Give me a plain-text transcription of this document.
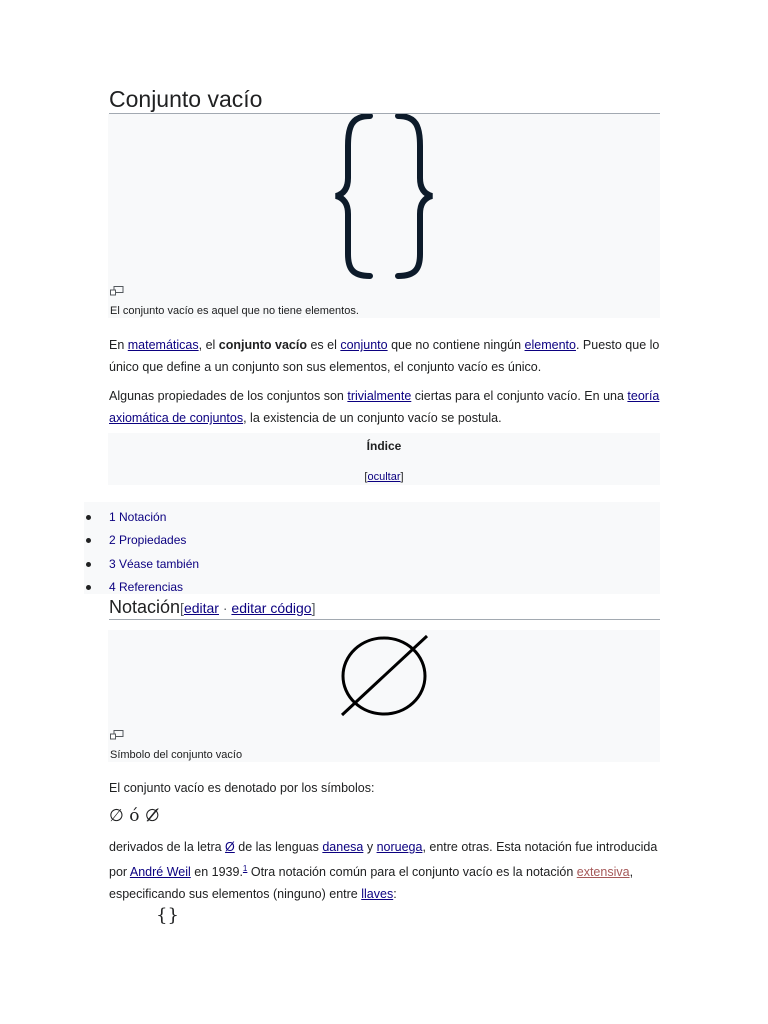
Conjunto vacío
El conjunto vacío es aquel que no tiene elementos.

En matemáticas, el conjunto vacío es el conjunto que no contiene ningún elemento. Puesto que lo único que define a un conjunto son sus elementos, el conjunto vacío es único.

Algunas propiedades de los conjuntos son trivialmente ciertas para el conjunto vacío. En una teoría axiomática de conjuntos, la existencia de un conjunto vacío se postula.

Índice
[ocultar]
1 Notación
2 Propiedades
3 Véase también
4 Referencias
Notación[editar · editar código]
Símbolo del conjunto vacío

El conjunto vacío es denotado por los símbolos:

∅ ó ∅̸

derivados de la letra Ø de las lenguas danesa y noruega, entre otras. Esta notación fue introducida por André Weil en 1939.$^1$ Otra notación común para el conjunto vacío es la notación extensiva, especificando sus elementos (ninguno) entre llaves:

{}
